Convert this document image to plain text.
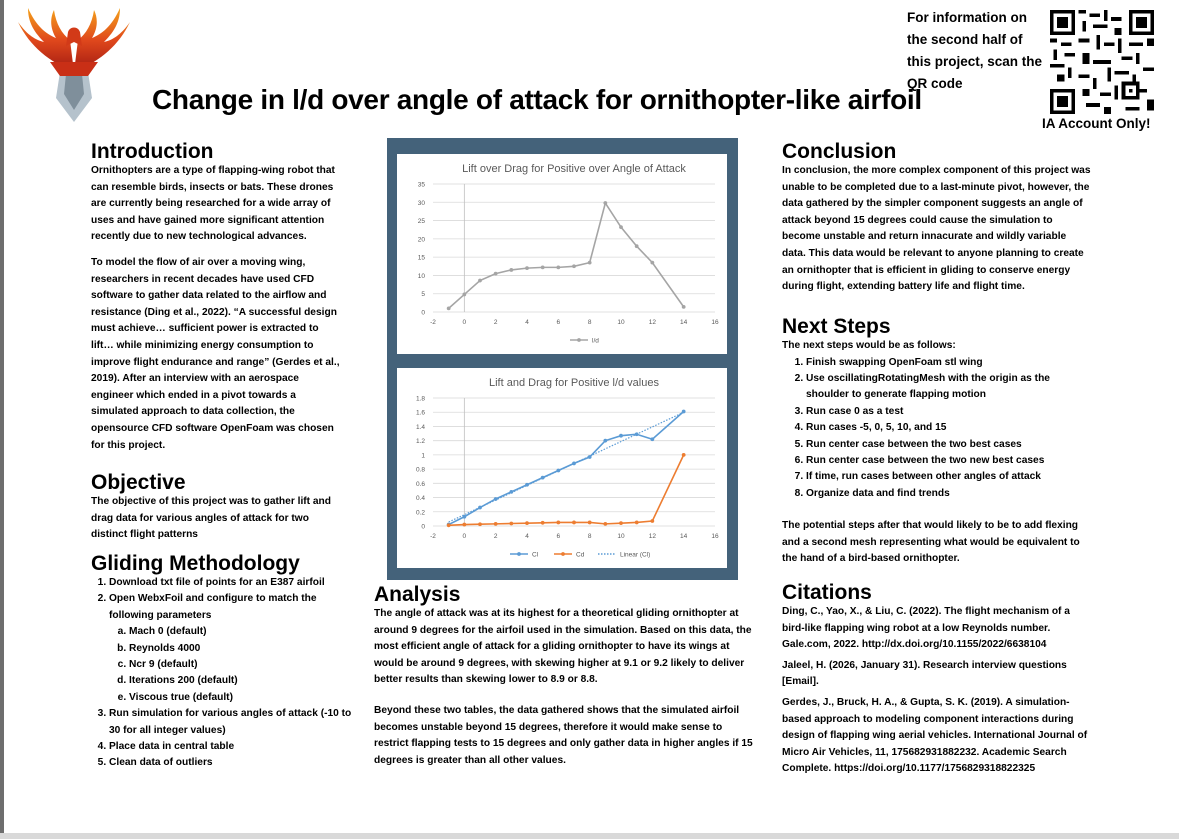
Change in l/d over angle of attack for ornithopter-like airfoil
For information on the second half of this project, scan the QR code
IA Account Only!
Introduction

Ornithopters are a type of flapping-wing robot that can resemble birds, insects or bats. These drones are currently being researched for a wide array of uses and have gained more significant attention recently due to new technological advances.

To model the flow of air over a moving wing, researchers in recent decades have used CFD software to gather data related to the airflow and resistance (Ding et al., 2022). “A successful design must achieve… sufficient power is extracted to lift… while minimizing energy consumption to improve flight endurance and range” (Gerdes et al., 2019). After an interview with an aerospace engineer which ended in a pivot towards a simulated approach to data collection, the opensource CFD software OpenFoam was chosen for this project.

Objective
The objective of this project was to gather lift and drag data for various angles of attack for two distinct flight patterns
Gliding Methodology
1. Download txt file of points for an E387 airfoil
2. Open WebxFoil and configure to match the following parameters
a. Mach 0 (default)
b. Reynolds 4000
c. Ncr 9 (default)
d. Iterations 200 (default)
e. Viscous true (default)
3. Run simulation for various angles of attack (-10 to 30 for all integer values)
4. Place data in central table
5. Clean data of outliers
Lift over Drag for Positive over Angle of Attack
0
5
10
15
20
25
30
35
-2	0	2	4	6	8	10	12	14	16
l/d
Lift and Drag for Positive l/d values
0
0.2
0.4
0.6
0.8
1
1.2
1.4
1.6
1.8
-2	0	2	4	6	8	10	12	14	16
Cl	Cd	Linear (Cl)
Analysis

The angle of attack was at its highest for a theoretical gliding ornithopter at around 9 degrees for the airfoil used in the simulation. Based on this data, the most efficient angle of attack for a gliding ornithopter to have its wings at would be around 9 degrees, with skewing higher at 9.1 or 9.2 likely to deliver better results than skewing lower to 8.9 or 8.8.

Beyond these two tables, the data gathered shows that the simulated airfoil becomes unstable beyond 15 degrees, therefore it would make sense to restrict flapping tests to 15 degrees and only gather data in higher angles if 15 degrees is greater than all other values.

Conclusion
In conclusion, the more complex component of this project was unable to be completed due to a last-minute pivot, however, the data gathered by the simpler component suggests an angle of attack beyond 15 degrees could cause the simulation to become unstable and return innacurate and wildly variable data. This data would be relevant to anyone planning to create an ornithopter that is efficient in gliding to conserve energy during flight, extending battery life and flight time.
Next Steps
The next steps would be as follows:
1. Finish swapping OpenFoam stl wing
2. Use oscillatingRotatingMesh with the origin as the shoulder to generate flapping motion
3. Run case 0 as a test
4. Run cases -5, 0, 5, 10, and 15
5. Run center case between the two best cases
6. Run center case between the two new best cases
7. If time, run cases between other angles of attack
8. Organize data and find trends
The potential steps after that would likely to be to add flexing and a second mesh representing what would be equivalent to the hand of a bird-based ornithopter.
Citations

Ding, C., Yao, X., & Liu, C. (2022). The flight mechanism of a bird-like flapping wing robot at a low Reynolds number. Gale.com, 2022. http://dx.doi.org/10.1155/2022/6638104

Jaleel, H. (2026, January 31). Research interview questions [Email].

Gerdes, J., Bruck, H. A., & Gupta, S. K. (2019). A simulation-based approach to modeling component interactions during design of flapping wing aerial vehicles. International Journal of Micro Air Vehicles, 11, 175682931882232. Academic Search Complete. https://doi.org/10.1177/1756829318822325
